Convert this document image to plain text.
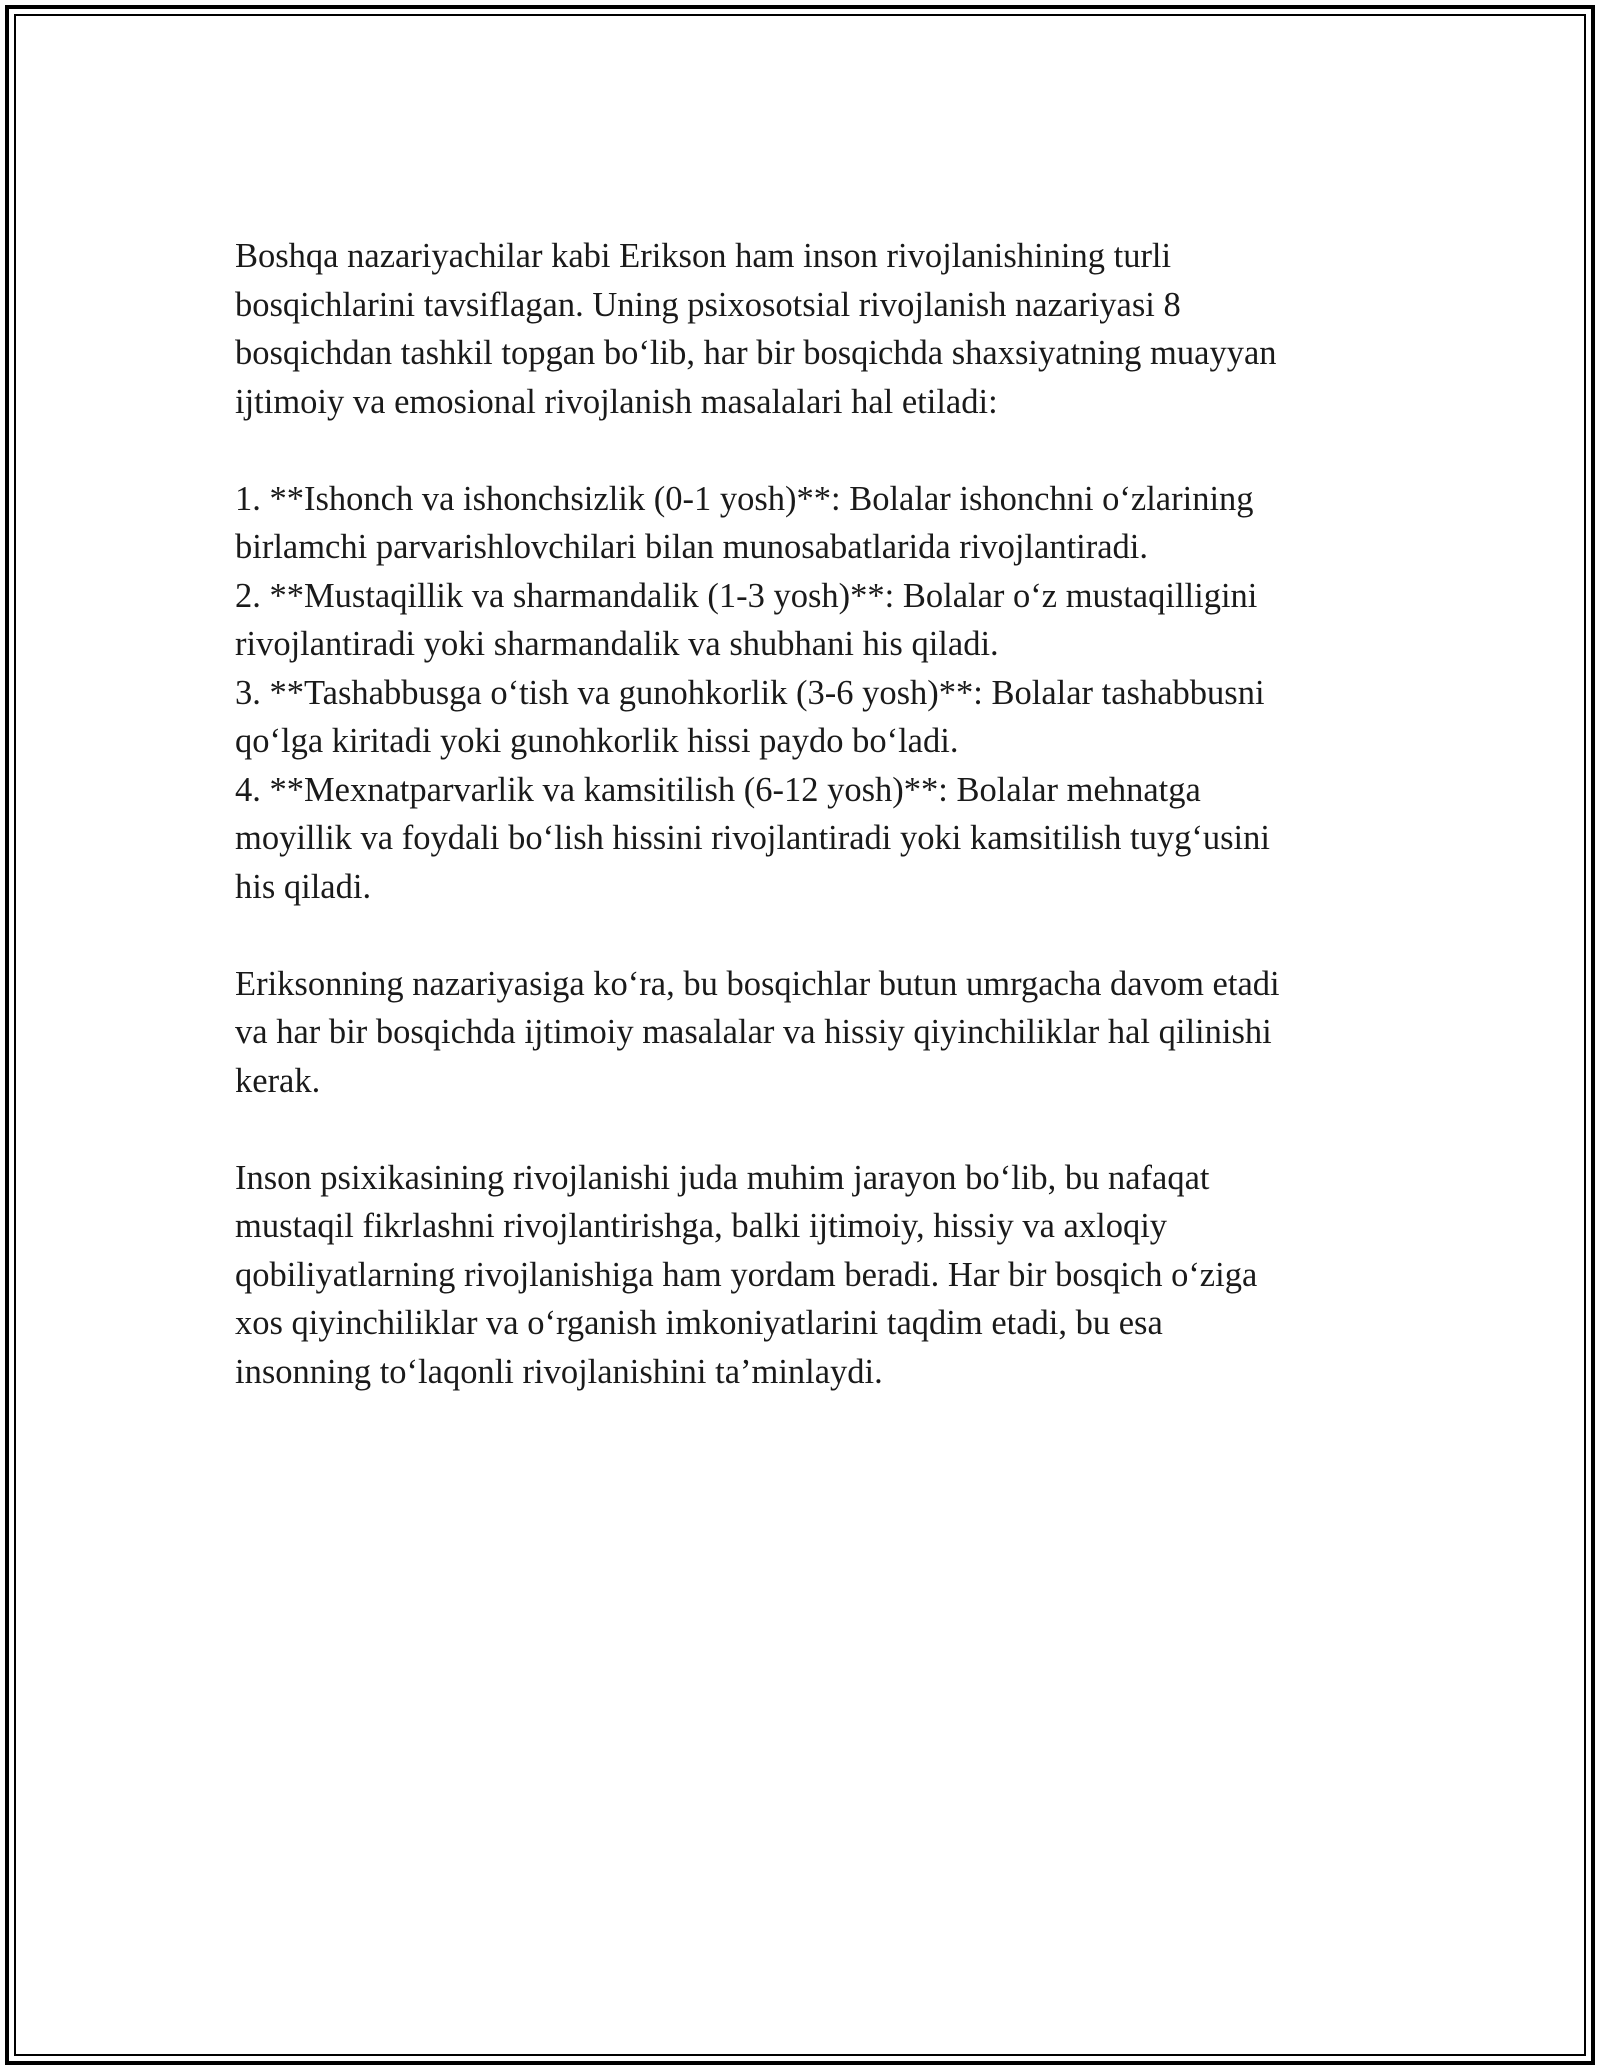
Boshqa nazariyachilar kabi Erikson ham inson rivojlanishining turli
bosqichlarini tavsiflagan. Uning psixosotsial rivojlanish nazariyasi 8
bosqichdan tashkil topgan bo‘lib, har bir bosqichda shaxsiyatning muayyan
ijtimoiy va emosional rivojlanish masalalari hal etiladi:

1. **Ishonch va ishonchsizlik (0-1 yosh)**: Bolalar ishonchni o‘zlarining
birlamchi parvarishlovchilari bilan munosabatlarida rivojlantiradi.
2. **Mustaqillik va sharmandalik (1-3 yosh)**: Bolalar o‘z mustaqilligini
rivojlantiradi yoki sharmandalik va shubhani his qiladi.
3. **Tashabbusga o‘tish va gunohkorlik (3-6 yosh)**: Bolalar tashabbusni
qo‘lga kiritadi yoki gunohkorlik hissi paydo bo‘ladi.
4. **Mexnatparvarlik va kamsitilish (6-12 yosh)**: Bolalar mehnatga
moyillik va foydali bo‘lish hissini rivojlantiradi yoki kamsitilish tuyg‘usini
his qiladi.

Eriksonning nazariyasiga ko‘ra, bu bosqichlar butun umrgacha davom etadi
va har bir bosqichda ijtimoiy masalalar va hissiy qiyinchiliklar hal qilinishi
kerak.

Inson psixikasining rivojlanishi juda muhim jarayon bo‘lib, bu nafaqat
mustaqil fikrlashni rivojlantirishga, balki ijtimoiy, hissiy va axloqiy
qobiliyatlarning rivojlanishiga ham yordam beradi. Har bir bosqich o‘ziga
xos qiyinchiliklar va o‘rganish imkoniyatlarini taqdim etadi, bu esa
insonning to‘laqonli rivojlanishini ta’minlaydi.
